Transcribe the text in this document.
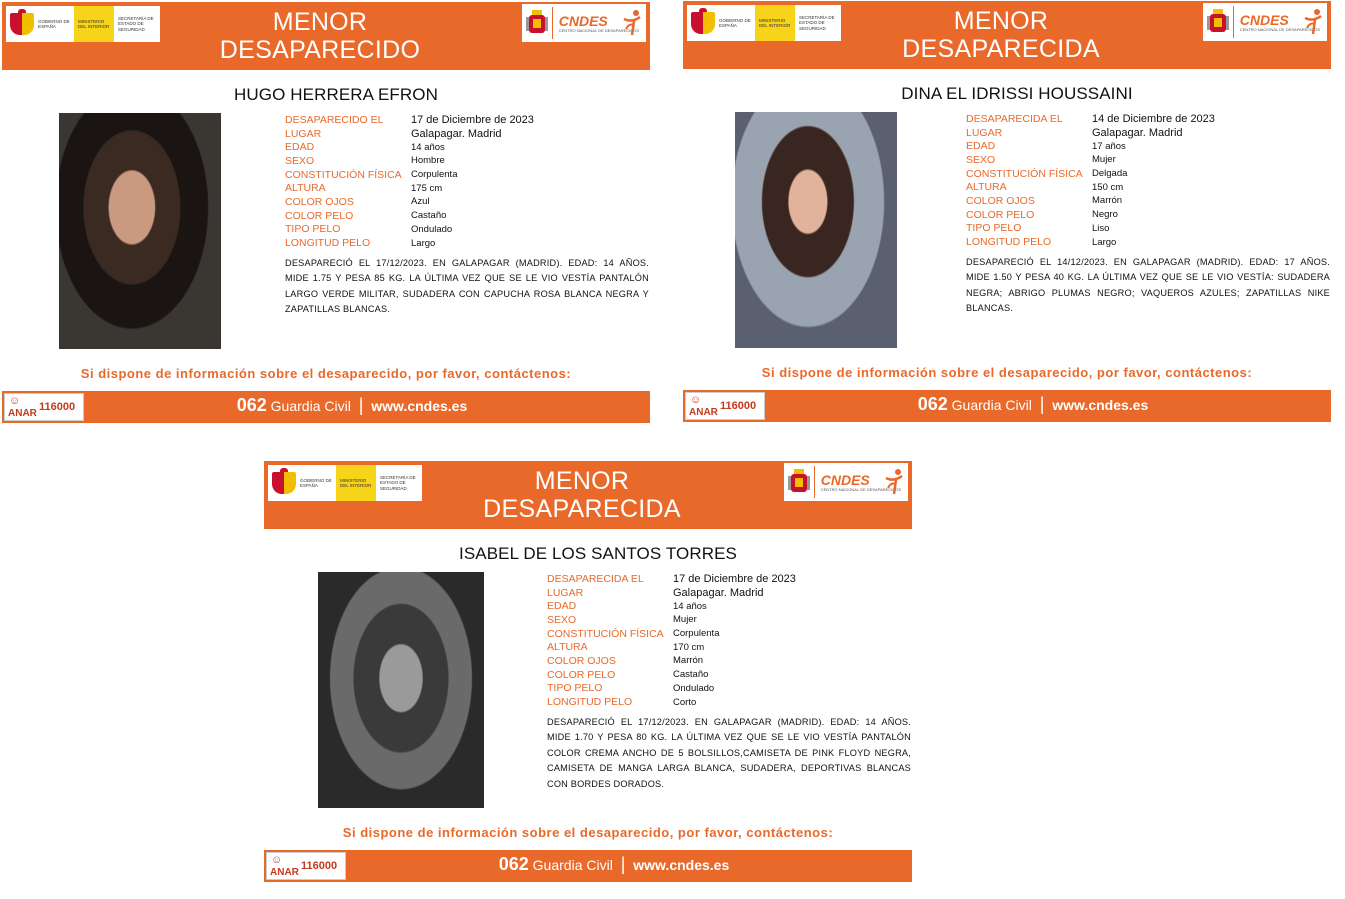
GOBIERNO DE ESPAÑA
MINISTERIO DEL INTERIOR
SECRETARÍA DE ESTADO DE SEGURIDAD	MENOR
DESAPARECIDO
CNDES
CENTRO NACIONAL DE DESAPARECIDOS
HUGO HERRERA EFRON
DESAPARECIDO EL	17 de Diciembre de 2023
LUGAR	Galapagar. Madrid
EDAD	14 años
SEXO	Hombre
CONSTITUCIÓN FÍSICA Corpulenta
ALTURA	175 cm
COLOR OJOS	Azul
COLOR PELO	Castaño
TIPO PELO	Ondulado
LONGITUD PELO	Largo
DESAPARECIÓ EL 17/12/2023. EN GALAPAGAR (MADRID). EDAD: 14 AÑOS. MIDE 1.75 Y PESA 85 KG. LA ÚLTIMA VEZ QUE SE LE VIO VESTÍA PANTALÓN LARGO VERDE MILITAR, SUDADERA CON CAPUCHA ROSA BLANCA NEGRA Y ZAPATILLAS BLANCAS.
Si dispone de información sobre el desaparecido, por favor, contáctenos:
☺
ANAR
116000	062 Guardia Civil | www.cndes.es
GOBIERNO DE ESPAÑA
MINISTERIO DEL INTERIOR
SECRETARÍA DE ESTADO DE SEGURIDAD	MENOR
DESAPARECIDA
CNDES
CENTRO NACIONAL DE DESAPARECIDOS
DINA EL IDRISSI HOUSSAINI
DESAPARECIDA EL	14 de Diciembre de 2023
LUGAR	Galapagar. Madrid
EDAD	17 años
SEXO	Mujer
CONSTITUCIÓN FÍSICA Delgada
ALTURA	150 cm
COLOR OJOS	Marrón
COLOR PELO	Negro
TIPO PELO	Liso
LONGITUD PELO	Largo
DESAPARECIÓ EL 14/12/2023. EN GALAPAGAR (MADRID). EDAD: 17 AÑOS. MIDE 1.50 Y PESA 40 KG. LA ÚLTIMA VEZ QUE SE LE VIO VESTÍA: SUDADERA NEGRA; ABRIGO PLUMAS NEGRO; VAQUEROS AZULES; ZAPATILLAS NIKE BLANCAS.
Si dispone de información sobre el desaparecido, por favor, contáctenos:
☺
ANAR
116000	062 Guardia Civil | www.cndes.es
GOBIERNO DE ESPAÑA
MINISTERIO DEL INTERIOR
SECRETARÍA DE ESTADO DE SEGURIDAD	MENOR
DESAPARECIDA
CNDES
CENTRO NACIONAL DE DESAPARECIDOS
ISABEL DE LOS SANTOS TORRES
DESAPARECIDA EL	17 de Diciembre de 2023
LUGAR	Galapagar. Madrid
EDAD	14 años
SEXO	Mujer
CONSTITUCIÓN FÍSICA Corpulenta
ALTURA	170 cm
COLOR OJOS	Marrón
COLOR PELO	Castaño
TIPO PELO	Ondulado
LONGITUD PELO	Corto
DESAPARECIÓ EL 17/12/2023. EN GALAPAGAR (MADRID). EDAD: 14 AÑOS. MIDE 1.70 Y PESA 80 KG. LA ÚLTIMA VEZ QUE SE LE VIO VESTÍA PANTALÓN COLOR CREMA ANCHO DE 5 BOLSILLOS,CAMISETA DE PINK FLOYD NEGRA, CAMISETA DE MANGA LARGA BLANCA, SUDADERA, DEPORTIVAS BLANCAS CON BORDES DORADOS.
Si dispone de información sobre el desaparecido, por favor, contáctenos:
☺
ANAR
116000	062 Guardia Civil | www.cndes.es
